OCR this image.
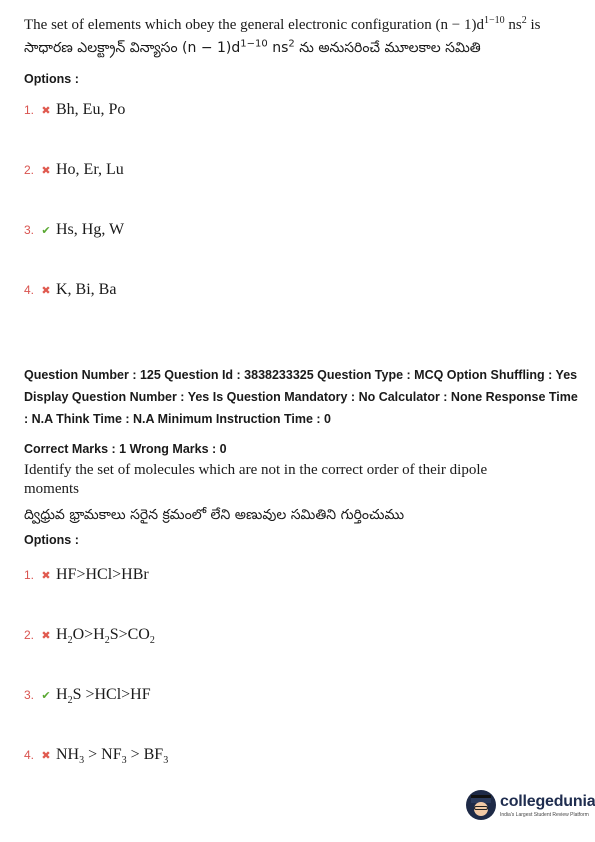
The set of elements which obey the general electronic configuration $(n - 1)d^{1-10}$ $ns^2$ is
సాధారణ ఎలక్ట్రాన్ విన్యాసం $(n - 1)d^{1-10}$ $ns^2$ ను అనుసరించే మూలకాల సమితి
Options :
1. ✖ Bh, Eu, Po
2. ✖ Ho, Er, Lu
3. ✔ Hs, Hg, W
4. ✖ K, Bi, Ba
Question Number : 125 Question Id : 3838233325 Question Type : MCQ Option Shuffling : Yes
Display Question Number : Yes Is Question Mandatory : No Calculator : None Response Time
: N.A Think Time : N.A Minimum Instruction Time : 0
Correct Marks : 1 Wrong Marks : 0
Identify the set of molecules which are not in the correct order of their dipole
moments
ద్విధ్రువ భ్రామకాలు సరైన క్రమంలో లేని అణువుల సమితిని గుర్తించుము
Options :
1. ✖ HF>HCl>HBr
2. ✖ $H_2O>H_2S>CO_2$
3. ✔ $H_2S >HCl>HF$
4. ✖ $NH_3 > NF_3 > BF_3$
collegedunia
India's Largest Student Review Platform
